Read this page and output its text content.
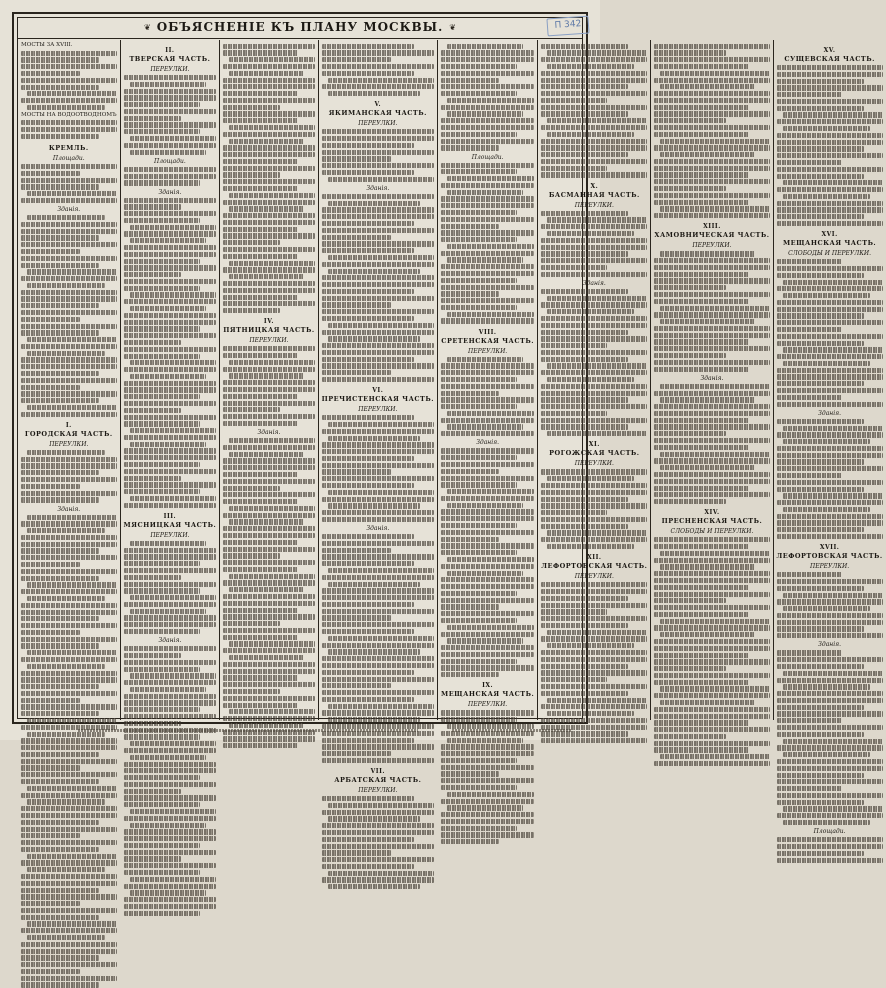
❦ ОБЪЯСНЕНІЕ КЪ ПЛАНУ МОСКВЫ. ❦	П 342
МОСТЫ ЗА XVIII.
МОСТЫ НА ВОДООТВОДНОМЪ
КРЕМЛЬ.
Площади.
Зданія.
I.
ГОРОДСКАЯ ЧАСТЬ.
ПЕРЕУЛКИ.
Зданія.
II.
ТВЕРСКАЯ ЧАСТЬ.
ПЕРЕУЛКИ.
Площади.
Зданія.
III.
МЯСНИЦКАЯ ЧАСТЬ.
ПЕРЕУЛКИ.
Зданія.
IV.
ПЯТНИЦКАЯ ЧАСТЬ.
ПЕРЕУЛКИ.
Зданія.
V.
ЯКИМАНСКАЯ ЧАСТЬ.
ПЕРЕУЛКИ.
Зданія.
VI.
ПРЕЧИСТЕНСКАЯ ЧАСТЬ.
ПЕРЕУЛКИ.
Зданія.
VII.
АРБАТСКАЯ ЧАСТЬ.
ПЕРЕУЛКИ.
Площади.
VIII.
СРЕТЕНСКАЯ ЧАСТЬ.
ПЕРЕУЛКИ.
Зданія.
IX.
МЕЩАНСКАЯ ЧАСТЬ.
ПЕРЕУЛКИ.
X.
БАСМАННАЯ ЧАСТЬ.
ПЕРЕУЛКИ.
Зданія.
XI.
РОГОЖСКАЯ ЧАСТЬ.
ПЕРЕУЛКИ.
XII.
ЛЕФОРТОВСКАЯ ЧАСТЬ.
ПЕРЕУЛКИ.
XIII.
ХАМОВНИЧЕСКАЯ ЧАСТЬ.
ПЕРЕУЛКИ.
Зданія.
XIV.
ПРЕСНЕНСКАЯ ЧАСТЬ.
СЛОБОДЫ И ПЕРЕУЛКИ.
XV.
СУЩЕВСКАЯ ЧАСТЬ.
XVI.
МЕЩАНСКАЯ ЧАСТЬ.
СЛОБОДЫ И ПЕРЕУЛКИ.
Зданія.
XVII.
ЛЕФОРТОВСКАЯ ЧАСТЬ.
ПЕРЕУЛКИ.
Зданія.
Площади.
